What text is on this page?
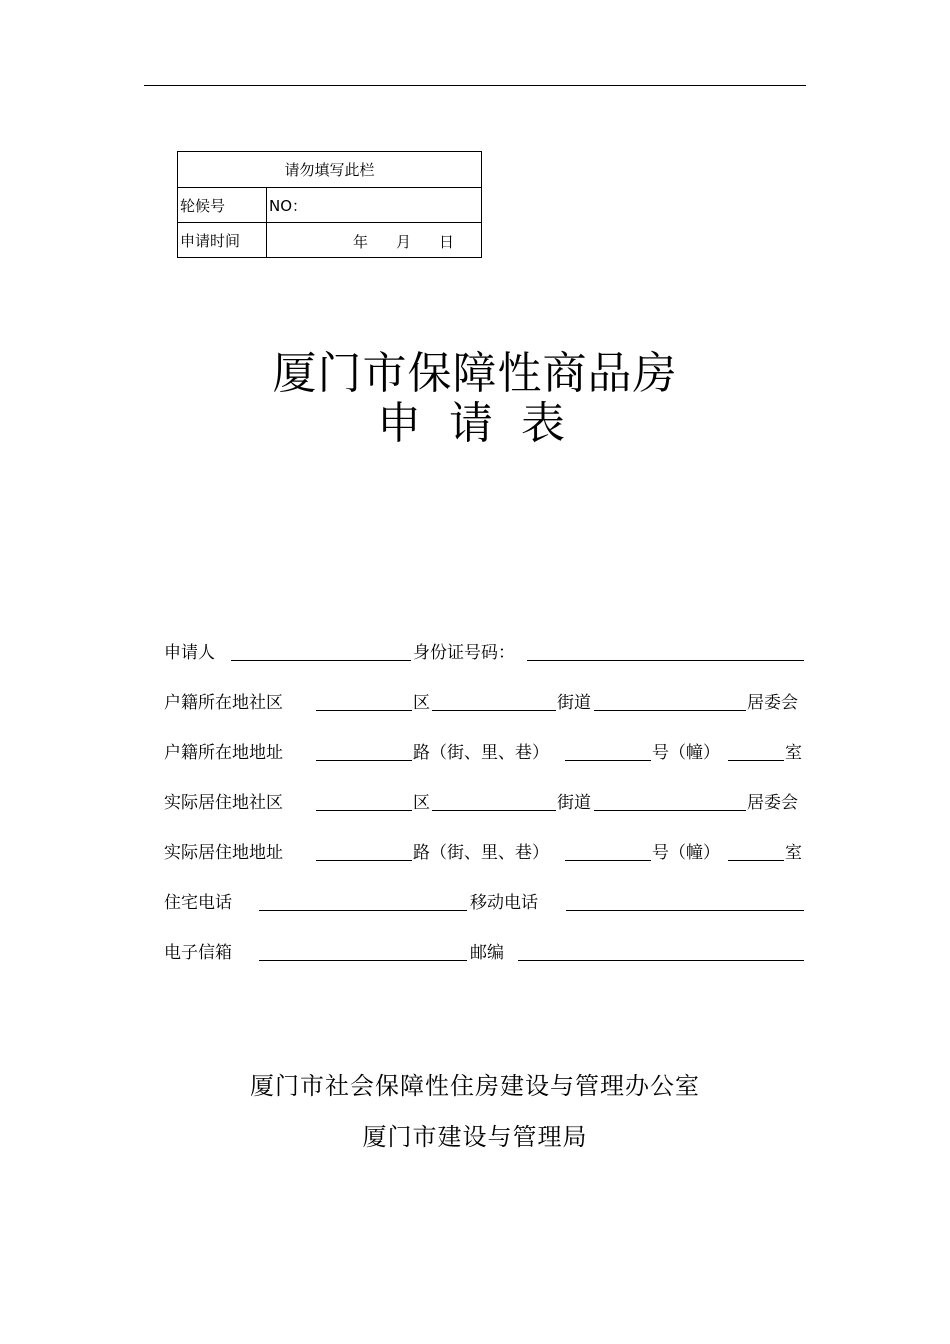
请勿填写此栏	
轮候号	NO：
申请时间	年 月 日
厦门市保障性商品房
申请表
申请人	身份证号码：
户籍所在地社区	区	街道	居委会
户籍所在地地址	路（街、里、巷）	号（幢）	室
实际居住地社区	区	街道	居委会
实际居住地地址	路（街、里、巷）	号（幢）	室
住宅电话	移动电话
电子信箱	邮编
厦门市社会保障性住房建设与管理办公室
厦门市建设与管理局
